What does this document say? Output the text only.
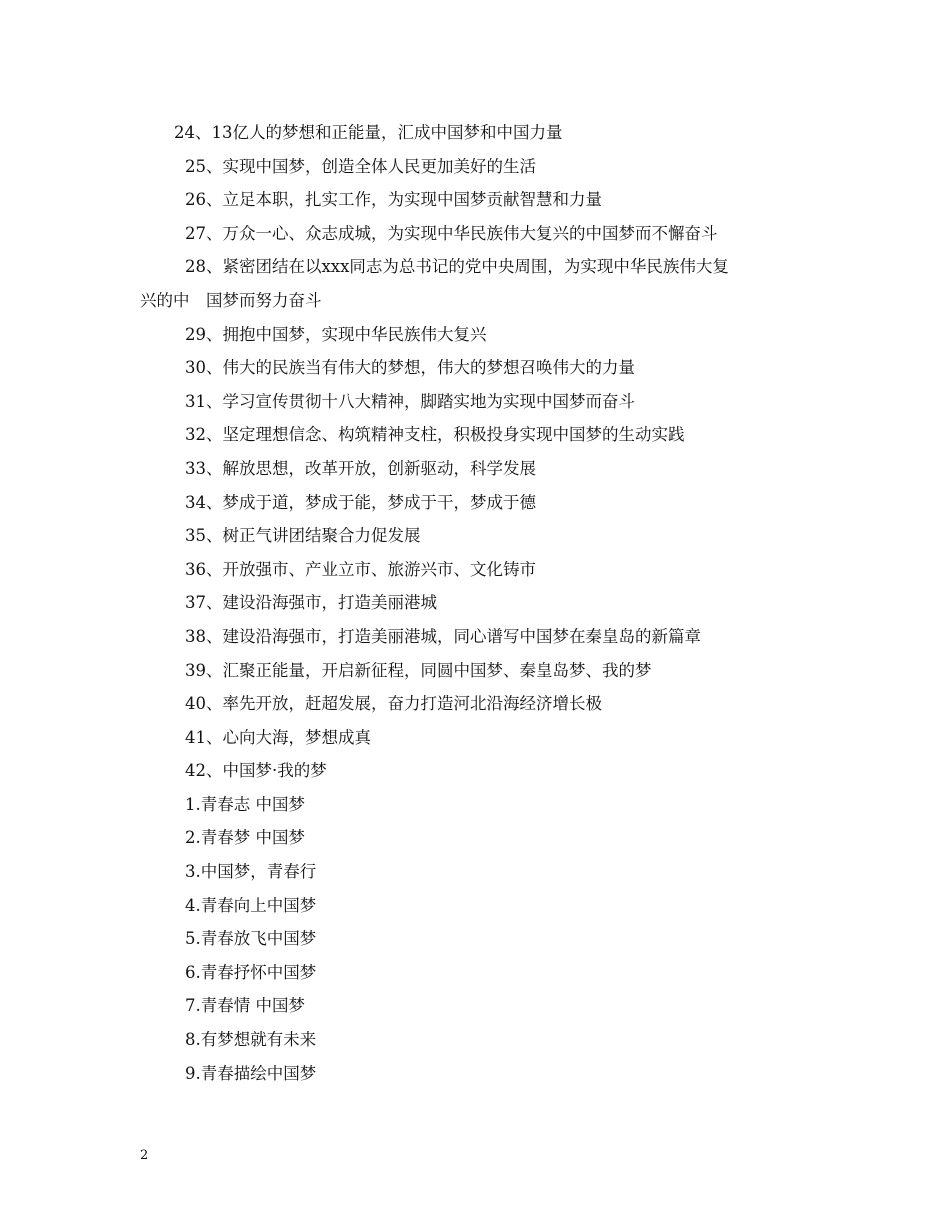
24、13亿人的梦想和正能量，汇成中国梦和中国力量
25、实现中国梦，创造全体人民更加美好的生活
26、立足本职，扎实工作，为实现中国梦贡献智慧和力量
27、万众一心、众志成城，为实现中华民族伟大复兴的中国梦而不懈奋斗
28、紧密团结在以xxx同志为总书记的党中央周围，为实现中华民族伟大复
兴的中　国梦而努力奋斗
29、拥抱中国梦，实现中华民族伟大复兴
30、伟大的民族当有伟大的梦想，伟大的梦想召唤伟大的力量
31、学习宣传贯彻十八大精神，脚踏实地为实现中国梦而奋斗
32、坚定理想信念、构筑精神支柱，积极投身实现中国梦的生动实践
33、解放思想，改革开放，创新驱动，科学发展
34、梦成于道，梦成于能，梦成于干，梦成于德
35、树正气讲团结聚合力促发展
36、开放强市、产业立市、旅游兴市、文化铸市
37、建设沿海强市，打造美丽港城
38、建设沿海强市，打造美丽港城，同心谱写中国梦在秦皇岛的新篇章
39、汇聚正能量，开启新征程，同圆中国梦、秦皇岛梦、我的梦
40、率先开放，赶超发展，奋力打造河北沿海经济增长极
41、心向大海，梦想成真
42、中国梦·我的梦
1.青春志 中国梦
2.青春梦 中国梦
3.中国梦，青春行
4.青春向上中国梦
5.青春放飞中国梦
6.青春抒怀中国梦
7.青春情 中国梦
8.有梦想就有未来
9.青春描绘中国梦
2
